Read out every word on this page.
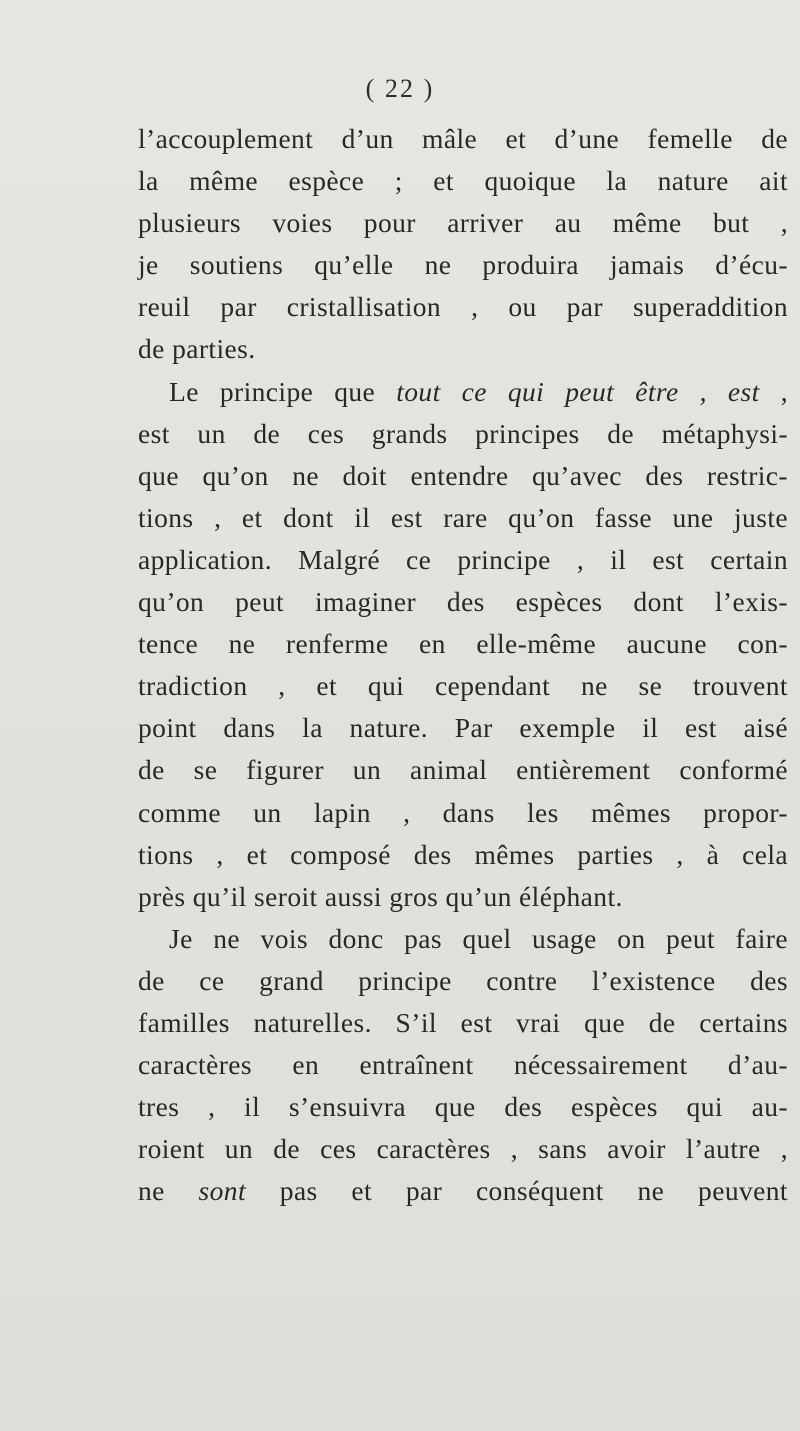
( 22 )
l’accouplement d’un mâle et d’une femelle de
la même espèce ; et quoique la nature ait
plusieurs voies pour arriver au même but ,
je soutiens qu’elle ne produira jamais d’écu-
reuil par cristallisation , ou par superaddition
de parties.
Le principe que tout ce qui peut être , est ,
est un de ces grands principes de métaphysi-
que qu’on ne doit entendre qu’avec des restric-
tions , et dont il est rare qu’on fasse une juste
application. Malgré ce principe , il est certain
qu’on peut imaginer des espèces dont l’exis-
tence ne renferme en elle-même aucune con-
tradiction , et qui cependant ne se trouvent
point dans la nature. Par exemple il est aisé
de se figurer un animal entièrement conformé
comme un lapin , dans les mêmes propor-
tions , et composé des mêmes parties , à cela
près qu’il seroit aussi gros qu’un éléphant.
Je ne vois donc pas quel usage on peut faire
de ce grand principe contre l’existence des
familles naturelles. S’il est vrai que de certains
caractères en entraînent nécessairement d’au-
tres , il s’ensuivra que des espèces qui au-
roient un de ces caractères , sans avoir l’autre ,
ne sont pas et par conséquent ne peuvent
